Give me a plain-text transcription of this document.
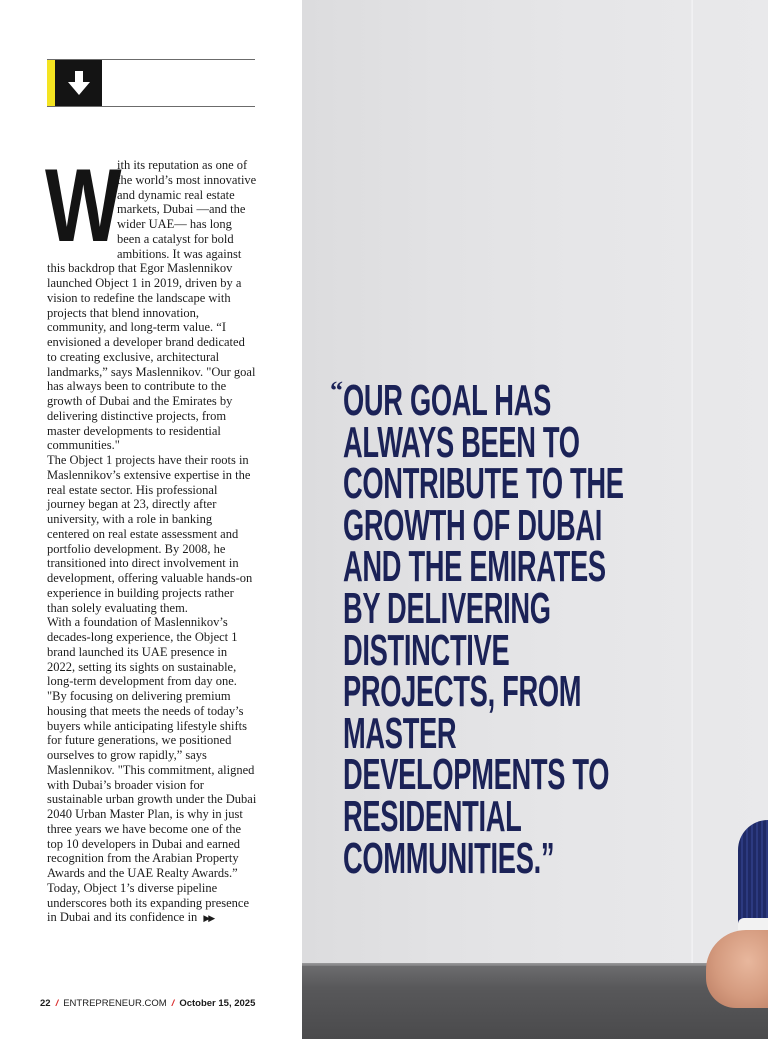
W
ith its reputation as one of the world’s most innovative and dynamic real estate markets, Dubai —and the wider UAE— has long been a catalyst for bold ambitions. It was against this backdrop that Egor Maslennikov launched Object 1 in 2019, driven by a vision to redefine the landscape with projects that blend innovation, community, and long-term value. “I envisioned a developer brand dedicated to creating exclusive, architectural landmarks,” says Maslennikov. "Our goal has always been to contribute to the growth of Dubai and the Emirates by delivering distinctive projects, from master developments to residential communities."

The Object 1 projects have their roots in Maslennikov’s extensive expertise in the real estate sector. His professional journey began at 23, directly after university, with a role in banking centered on real estate assessment and portfolio development. By 2008, he transitioned into direct involvement in development, offering valuable hands-on experience in building projects rather than solely evaluating them.

With a foundation of Maslennikov’s decades-long experience, the Object 1 brand launched its UAE presence in 2022, setting its sights on sustainable, long-term development from day one. "By focusing on delivering premium housing that meets the needs of today’s buyers while anticipating lifestyle shifts for future generations, we positioned ourselves to grow rapidly,” says Maslennikov. "This commitment, aligned with Dubai’s broader vision for sustainable urban growth under the Dubai 2040 Urban Master Plan, is why in just three years we have become one of the top 10 developers in Dubai and earned recognition from the Arabian Property Awards and the UAE Realty Awards.”

Today, Object 1’s diverse pipeline underscores both its expanding presence in Dubai and its confidence in ▶▶

22 / ENTREPRENEUR.COM / October 15, 2025
“ OUR GOAL HAS ALWAYS BEEN TO CONTRIBUTE TO THE GROWTH OF DUBAI AND THE EMIRATES BY DELIVERING DISTINCTIVE PROJECTS, FROM MASTER DEVELOPMENTS TO RESIDENTIAL COMMUNITIES.”
